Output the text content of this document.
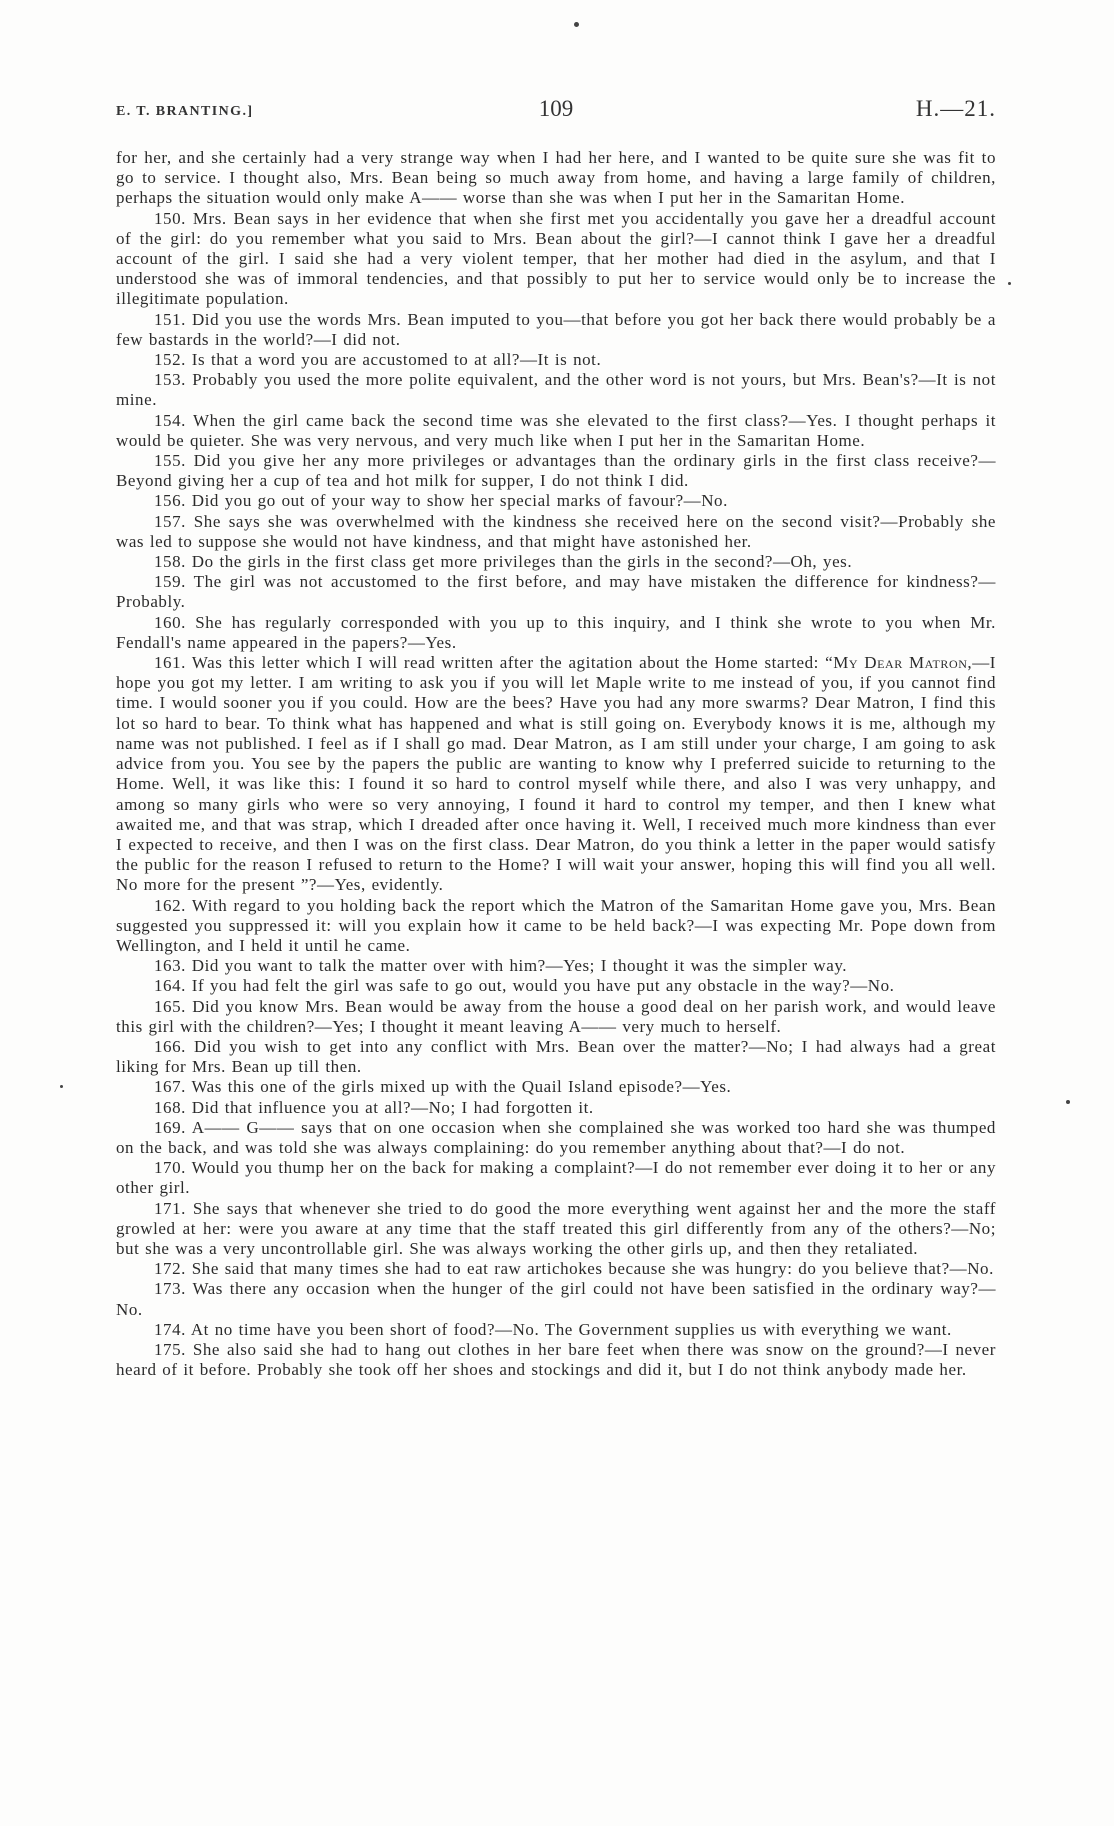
E. T. BRANTING.]	109	H.—21.

for her, and she certainly had a very strange way when I had her here, and I wanted to be quite sure she was fit to go to service. I thought also, Mrs. Bean being so much away from home, and having a large family of children, perhaps the situation would only make A—— worse than she was when I put her in the Samaritan Home.

150. Mrs. Bean says in her evidence that when she first met you accidentally you gave her a dreadful account of the girl: do you remember what you said to Mrs. Bean about the girl?—I cannot think I gave her a dreadful account of the girl. I said she had a very violent temper, that her mother had died in the asylum, and that I understood she was of immoral tendencies, and that possibly to put her to service would only be to increase the illegitimate population.

151. Did you use the words Mrs. Bean imputed to you—that before you got her back there would probably be a few bastards in the world?—I did not.

152. Is that a word you are accustomed to at all?—It is not.

153. Probably you used the more polite equivalent, and the other word is not yours, but Mrs. Bean's?—It is not mine.

154. When the girl came back the second time was she elevated to the first class?—Yes. I thought perhaps it would be quieter. She was very nervous, and very much like when I put her in the Samaritan Home.

155. Did you give her any more privileges or advantages than the ordinary girls in the first class receive?—Beyond giving her a cup of tea and hot milk for supper, I do not think I did.

156. Did you go out of your way to show her special marks of favour?—No.

157. She says she was overwhelmed with the kindness she received here on the second visit?—Probably she was led to suppose she would not have kindness, and that might have astonished her.

158. Do the girls in the first class get more privileges than the girls in the second?—Oh, yes.

159. The girl was not accustomed to the first before, and may have mistaken the difference for kindness?—Probably.

160. She has regularly corresponded with you up to this inquiry, and I think she wrote to you when Mr. Fendall's name appeared in the papers?—Yes.

161. Was this letter which I will read written after the agitation about the Home started: “My Dear Matron,—I hope you got my letter. I am writing to ask you if you will let Maple write to me instead of you, if you cannot find time. I would sooner you if you could. How are the bees? Have you had any more swarms? Dear Matron, I find this lot so hard to bear. To think what has happened and what is still going on. Everybody knows it is me, although my name was not published. I feel as if I shall go mad. Dear Matron, as I am still under your charge, I am going to ask advice from you. You see by the papers the public are wanting to know why I preferred suicide to returning to the Home. Well, it was like this: I found it so hard to control myself while there, and also I was very unhappy, and among so many girls who were so very annoying, I found it hard to control my temper, and then I knew what awaited me, and that was strap, which I dreaded after once having it. Well, I received much more kindness than ever I expected to receive, and then I was on the first class. Dear Matron, do you think a letter in the paper would satisfy the public for the reason I refused to return to the Home? I will wait your answer, hoping this will find you all well. No more for the present ”?—Yes, evidently.

162. With regard to you holding back the report which the Matron of the Samaritan Home gave you, Mrs. Bean suggested you suppressed it: will you explain how it came to be held back?—I was expecting Mr. Pope down from Wellington, and I held it until he came.

163. Did you want to talk the matter over with him?—Yes; I thought it was the simpler way.

164. If you had felt the girl was safe to go out, would you have put any obstacle in the way?—No.

165. Did you know Mrs. Bean would be away from the house a good deal on her parish work, and would leave this girl with the children?—Yes; I thought it meant leaving A—— very much to herself.

166. Did you wish to get into any conflict with Mrs. Bean over the matter?—No; I had always had a great liking for Mrs. Bean up till then.

167. Was this one of the girls mixed up with the Quail Island episode?—Yes.

168. Did that influence you at all?—No; I had forgotten it.

169. A—— G—— says that on one occasion when she complained she was worked too hard she was thumped on the back, and was told she was always complaining: do you remember anything about that?—I do not.

170. Would you thump her on the back for making a complaint?—I do not remember ever doing it to her or any other girl.

171. She says that whenever she tried to do good the more everything went against her and the more the staff growled at her: were you aware at any time that the staff treated this girl differently from any of the others?—No; but she was a very uncontrollable girl. She was always working the other girls up, and then they retaliated.

172. She said that many times she had to eat raw artichokes because she was hungry: do you believe that?—No.

173. Was there any occasion when the hunger of the girl could not have been satisfied in the ordinary way?—No.

174. At no time have you been short of food?—No. The Government supplies us with everything we want.

175. She also said she had to hang out clothes in her bare feet when there was snow on the ground?—I never heard of it before. Probably she took off her shoes and stockings and did it, but I do not think anybody made her.
